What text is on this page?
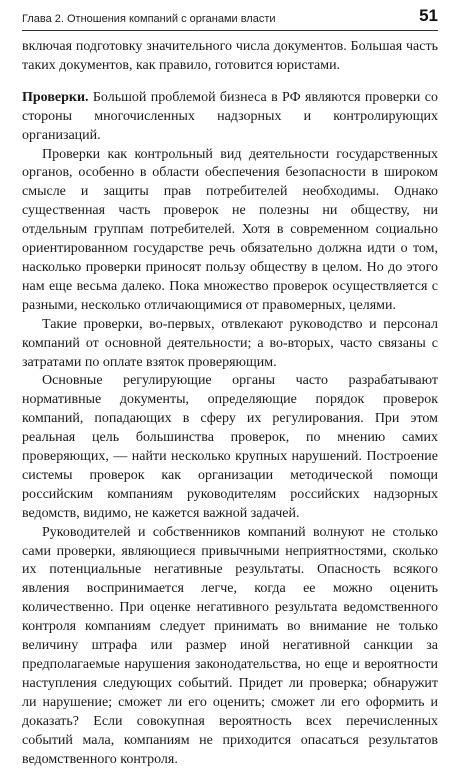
Глава 2. Отношения компаний с органами власти	51

включая подготовку значительного числа документов. Большая часть таких документов, как правило, готовится юристами.

Проверки. Большой проблемой бизнеса в РФ являются проверки со стороны многочисленных надзорных и контролирующих организаций.

Проверки как контрольный вид деятельности государственных органов, особенно в области обеспечения безопасности в широком смысле и защиты прав потребителей необходимы. Однако существенная часть проверок не полезны ни обществу, ни отдельным группам потребителей. Хотя в современном социально ориентированном государстве речь обязательно должна идти о том, насколько проверки приносят пользу обществу в целом. Но до этого нам еще весьма далеко. Пока множество проверок осуществляется с разными, несколько отличающимися от правомерных, целями.

Такие проверки, во-первых, отвлекают руководство и персонал компаний от основной деятельности; а во-вторых, часто связаны с затратами по оплате взяток проверяющим.

Основные регулирующие органы часто разрабатывают нормативные документы, определяющие порядок проверок компаний, попадающих в сферу их регулирования. При этом реальная цель большинства проверок, по мнению самих проверяющих, — найти несколько крупных нарушений. Построение системы проверок как организации методической помощи российским компаниям руководителям российских надзорных ведомств, видимо, не кажется важной задачей.

Руководителей и собственников компаний волнуют не столько сами проверки, являющиеся привычными неприятностями, сколько их потенциальные негативные результаты. Опасность всякого явления воспринимается легче, когда ее можно оценить количественно. При оценке негативного результата ведомственного контроля компаниям следует принимать во внимание не только величину штрафа или размер иной негативной санкции за предполагаемые нарушения законодательства, но еще и вероятности наступления следующих событий. Придет ли проверка; обнаружит ли нарушение; сможет ли его оценить; сможет ли его оформить и доказать? Если совокупная вероятность всех перечисленных событий мала, компаниям не приходится опасаться результатов ведомственного контроля.
